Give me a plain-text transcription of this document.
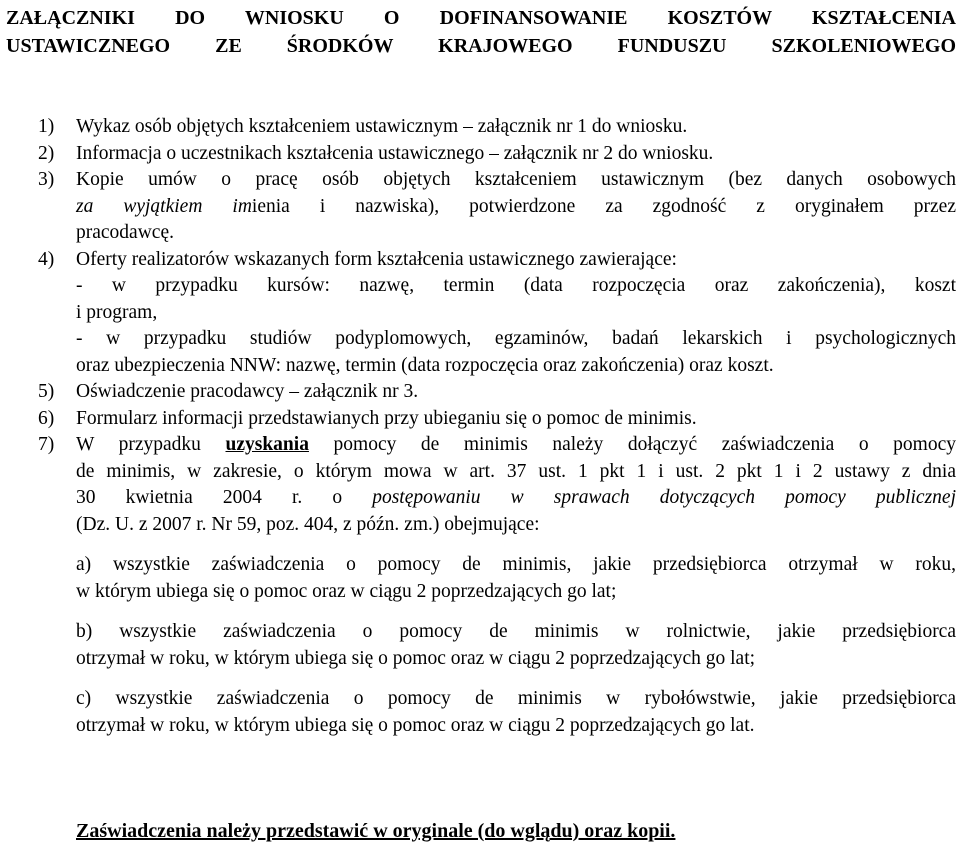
ZAŁĄCZNIKI DO WNIOSKU O DOFINANSOWANIE KOSZTÓW KSZTAŁCENIA
USTAWICZNEGO ZE ŚRODKÓW KRAJOWEGO FUNDUSZU SZKOLENIOWEGO
1) Wykaz osób objętych kształceniem ustawicznym – załącznik nr 1 do wniosku.
2) Informacja o uczestnikach kształcenia ustawicznego – załącznik nr 2 do wniosku.
3) Kopie umów o pracę osób objętych kształceniem ustawicznym (bez danych osobowych
za wyjątkiem imienia i nazwiska), potwierdzone za zgodność z oryginałem przez
pracodawcę.
4) Oferty realizatorów wskazanych form kształcenia ustawicznego zawierające:
- w przypadku kursów: nazwę, termin (data rozpoczęcia oraz zakończenia), koszt
i program,
- w przypadku studiów podyplomowych, egzaminów, badań lekarskich i psychologicznych
oraz ubezpieczenia NNW: nazwę, termin (data rozpoczęcia oraz zakończenia) oraz koszt.
5) Oświadczenie pracodawcy – załącznik nr 3.
6) Formularz informacji przedstawianych przy ubieganiu się o pomoc de minimis.
7) W przypadku uzyskania pomocy de minimis należy dołączyć zaświadczenia o pomocy
de minimis, w zakresie, o którym mowa w art. 37 ust. 1 pkt 1 i ust. 2 pkt 1 i 2 ustawy z dnia
30 kwietnia 2004 r. o postępowaniu w sprawach dotyczących pomocy publicznej
(Dz. U. z 2007 r. Nr 59, poz. 404, z późn. zm.) obejmujące:
a) wszystkie zaświadczenia o pomocy de minimis, jakie przedsiębiorca otrzymał w roku,
w którym ubiega się o pomoc oraz w ciągu 2 poprzedzających go lat;
b) wszystkie zaświadczenia o pomocy de minimis w rolnictwie, jakie przedsiębiorca
otrzymał w roku, w którym ubiega się o pomoc oraz w ciągu 2 poprzedzających go lat;
c) wszystkie zaświadczenia o pomocy de minimis w rybołówstwie, jakie przedsiębiorca
otrzymał w roku, w którym ubiega się o pomoc oraz w ciągu 2 poprzedzających go lat.
Zaświadczenia należy przedstawić w oryginale (do wglądu) oraz kopii.
